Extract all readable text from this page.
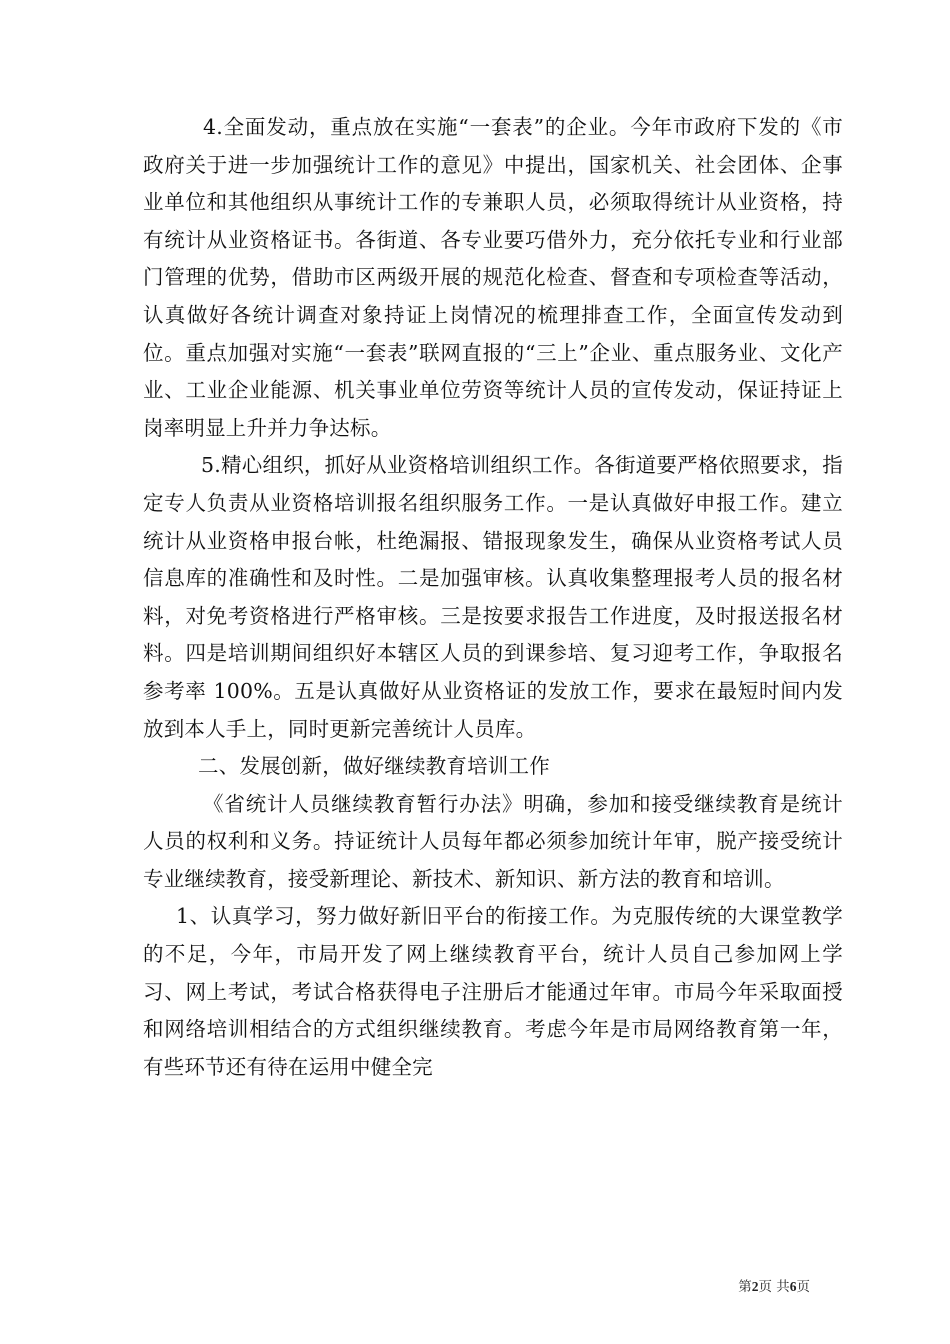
4.全面发动，重点放在实施“一套表”的企业。今年市政府下发的《市政府关于进一步加强统计工作的意见》中提出，国家机关、社会团体、企事业单位和其他组织从事统计工作的专兼职人员，必须取得统计从业资格，持有统计从业资格证书。各街道、各专业要巧借外力，充分依托专业和行业部门管理的优势，借助市区两级开展的规范化检查、督查和专项检查等活动，认真做好各统计调查对象持证上岗情况的梳理排查工作，全面宣传发动到位。重点加强对实施“一套表”联网直报的“三上”企业、重点服务业、文化产业、工业企业能源、机关事业单位劳资等统计人员的宣传发动，保证持证上岗率明显上升并力争达标。

5.精心组织，抓好从业资格培训组织工作。各街道要严格依照要求，指定专人负责从业资格培训报名组织服务工作。一是认真做好申报工作。建立统计从业资格申报台帐，杜绝漏报、错报现象发生，确保从业资格考试人员信息库的准确性和及时性。二是加强审核。认真收集整理报考人员的报名材料，对免考资格进行严格审核。三是按要求报告工作进度，及时报送报名材料。四是培训期间组织好本辖区人员的到课参培、复习迎考工作，争取报名参考率 100%。五是认真做好从业资格证的发放工作，要求在最短时间内发放到本人手上，同时更新完善统计人员库。

二、发展创新，做好继续教育培训工作

《省统计人员继续教育暂行办法》明确，参加和接受继续教育是统计人员的权利和义务。持证统计人员每年都必须参加统计年审，脱产接受统计专业继续教育，接受新理论、新技术、新知识、新方法的教育和培训。

1、认真学习，努力做好新旧平台的衔接工作。为克服传统的大课堂教学的不足，今年，市局开发了网上继续教育平台，统计人员自己参加网上学习、网上考试，考试合格获得电子注册后才能通过年审。市局今年采取面授和网络培训相结合的方式组织继续教育。考虑今年是市局网络教育第一年，有些环节还有待在运用中健全完

第2页 共6页
